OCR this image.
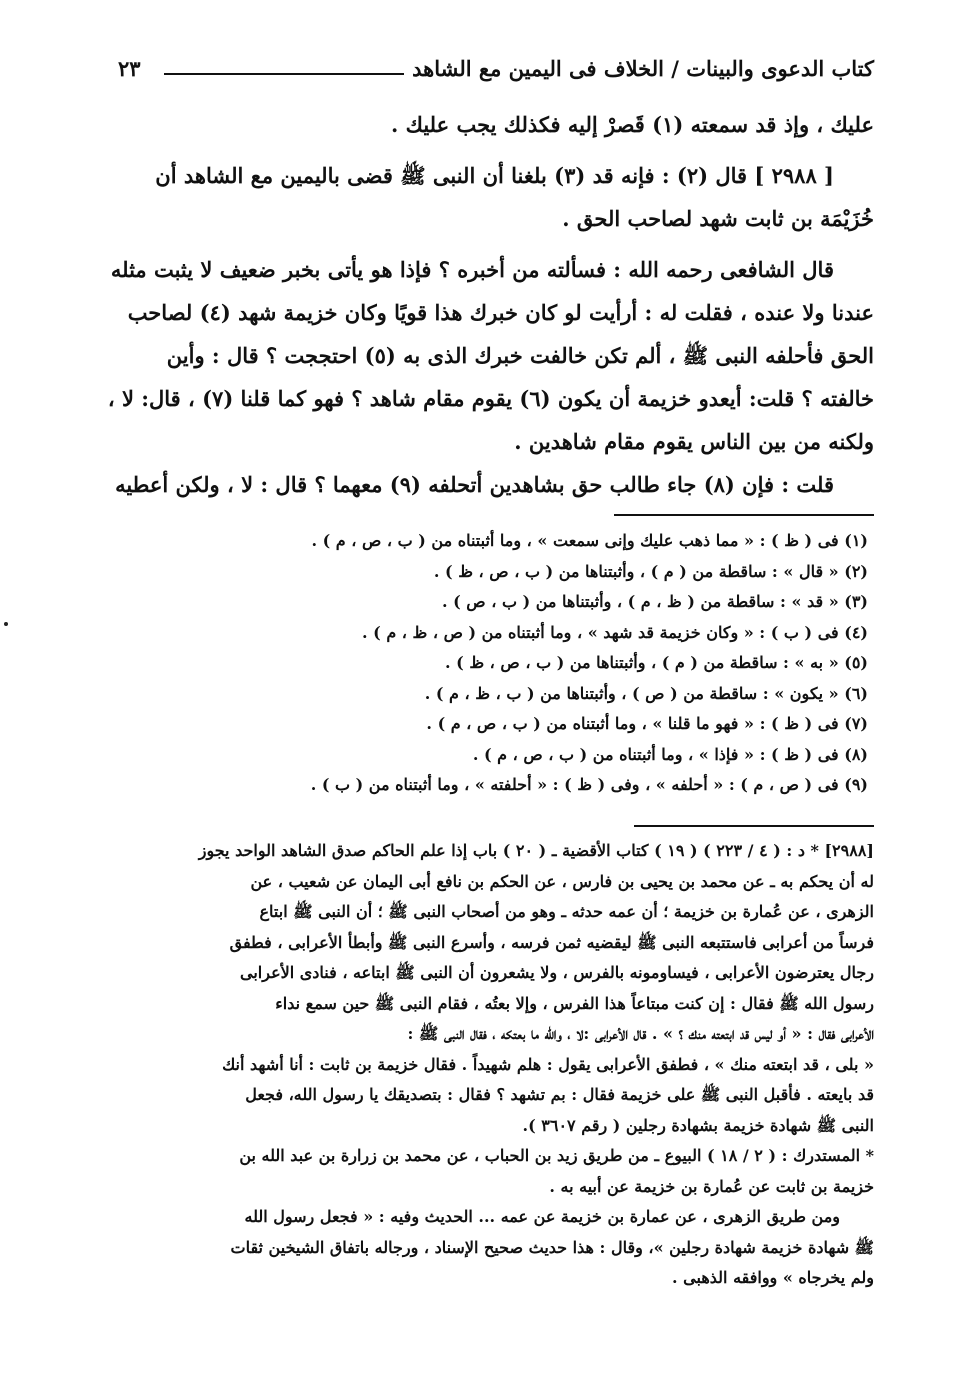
كتاب الدعوى والبينات / الخلاف فى اليمين مع الشاهد
٢٣
عليك ، وإذ قد سمعته (١) قَصرْ إليه فكذلك يجب عليك .
[ ٢٩٨٨ ] قال (٢) : فإنه قد (٣) بلغنا أن النبى ﷺ قضى باليمين مع الشاهد أن
خُزَيْمَة بن ثابت شهد لصاحب الحق .
قال الشافعى رحمه الله : فسألته من أخبره ؟ فإذا هو يأتى بخبر ضعيف لا يثبت مثله
عندنا ولا عنده ، فقلت له : أرأيت لو كان خبرك هذا قويًا وكان خزيمة شهد (٤) لصاحب
الحق فأحلفه النبى ﷺ ، ألم تكن خالفت خبرك الذى به (٥) احتججت ؟ قال : وأين
خالفته ؟ قلت: أيعدو خزيمة أن يكون (٦) يقوم مقام شاهد ؟ فهو كما قلنا (٧) ، قال: لا ،
ولكنه من بين الناس يقوم مقام شاهدين .
قلت : فإن (٨) جاء طالب حق بشاهدين أتحلفه (٩) معهما ؟ قال : لا ، ولكن أعطيه
(١) فى ( ظ ) : « مما ذهب عليك وإنى سمعت » ، وما أثبتناه من ( ب ، ص ، م ) .
(٢) « قال » : ساقطة من ( م ) ، وأثبتناها من ( ب ، ص ، ظ ) .
(٣) « قد » : ساقطة من ( ظ ، م ) ، وأثبتناها من ( ب ، ص ) .
(٤) فى ( ب ) : « وكان خزيمة قد شهد » ، وما أثبتناه من ( ص ، ظ ، م ) .
(٥) « به » : ساقطة من ( م ) ، وأثبتناها من ( ب ، ص ، ظ ) .
(٦) « يكون » : ساقطة من ( ص ) ، وأثبتناها من ( ب ، ظ ، م ) .
(٧) فى ( ظ ) : « فهو ما قلنا » ، وما أثبتناه من ( ب ، ص ، م ) .
(٨) فى ( ظ ) : « فإذا » ، وما أثبتناه من ( ب ، ص ، م ) .
(٩) فى ( ص ، م ) : « أحلفه » ، وفى ( ظ ) : « أحلفته » ، وما أثبتناه من ( ب ) .
[٢٩٨٨] * د : ( ٤ / ٢٢٣ ) ( ١٩ ) كتاب الأقضية ـ ( ٢٠ ) باب إذا علم الحاكم صدق الشاهد الواحد يجوز
له أن يحكم به ـ عن محمد بن يحيى بن فارس ، عن الحكم بن نافع أبى اليمان عن شعيب ، عن
الزهرى ، عن عُمارة بن خزيمة ؛ أن عمه حدثه ـ وهو من أصحاب النبى ﷺ ؛ أن النبى ﷺ ابتاع
فرساً من أعرابى فاستتبعه النبى ﷺ ليقضيه ثمن فرسه ، وأسرع النبى ﷺ وأبطأ الأعرابى ، فطفق
رجال يعترضون الأعرابى ، فيساومونه بالفرس ، ولا يشعرون أن النبى ﷺ ابتاعه ، فنادى الأعرابى
رسول الله ﷺ فقال : إن كنت مبتاعاً هذا الفرس ، وإلا بعتُه ، فقام النبى ﷺ حين سمع نداء
الأعرابى فقال : « أو ليس قد ابتعته منك ؟ » . قال الأعرابى :لا ، والله ما بعتكه ، فقال النبى ﷺ :
« بلى ، قد ابتعته منك » ، فطفق الأعرابى يقول : هلم شهيداً . فقال خزيمة بن ثابت : أنا أشهد أنك
قد بايعته . فأقبل النبى ﷺ على خزيمة فقال : بم تشهد ؟ فقال : بتصديقك يا رسول الله، فجعل
النبى ﷺ شهادة خزيمة بشهادة رجلين ( رقم ٣٦٠٧ ).
* المستدرك : ( ٢ / ١٨ ) البيوع ـ من طريق زيد بن الحباب ، عن محمد بن زرارة بن عبد الله بن
خزيمة بن ثابت عن عُمارة بن خزيمة عن أبيه به .
ومن طريق الزهرى ، عن عمارة بن خزيمة عن عمه ... الحديث وفيه : « فجعل رسول الله
ﷺ شهادة خزيمة شهادة رجلين »، وقال : هذا حديث صحيح الإسناد ، ورجاله باتفاق الشيخين ثقات
ولم يخرجاه » ووافقه الذهبى .
